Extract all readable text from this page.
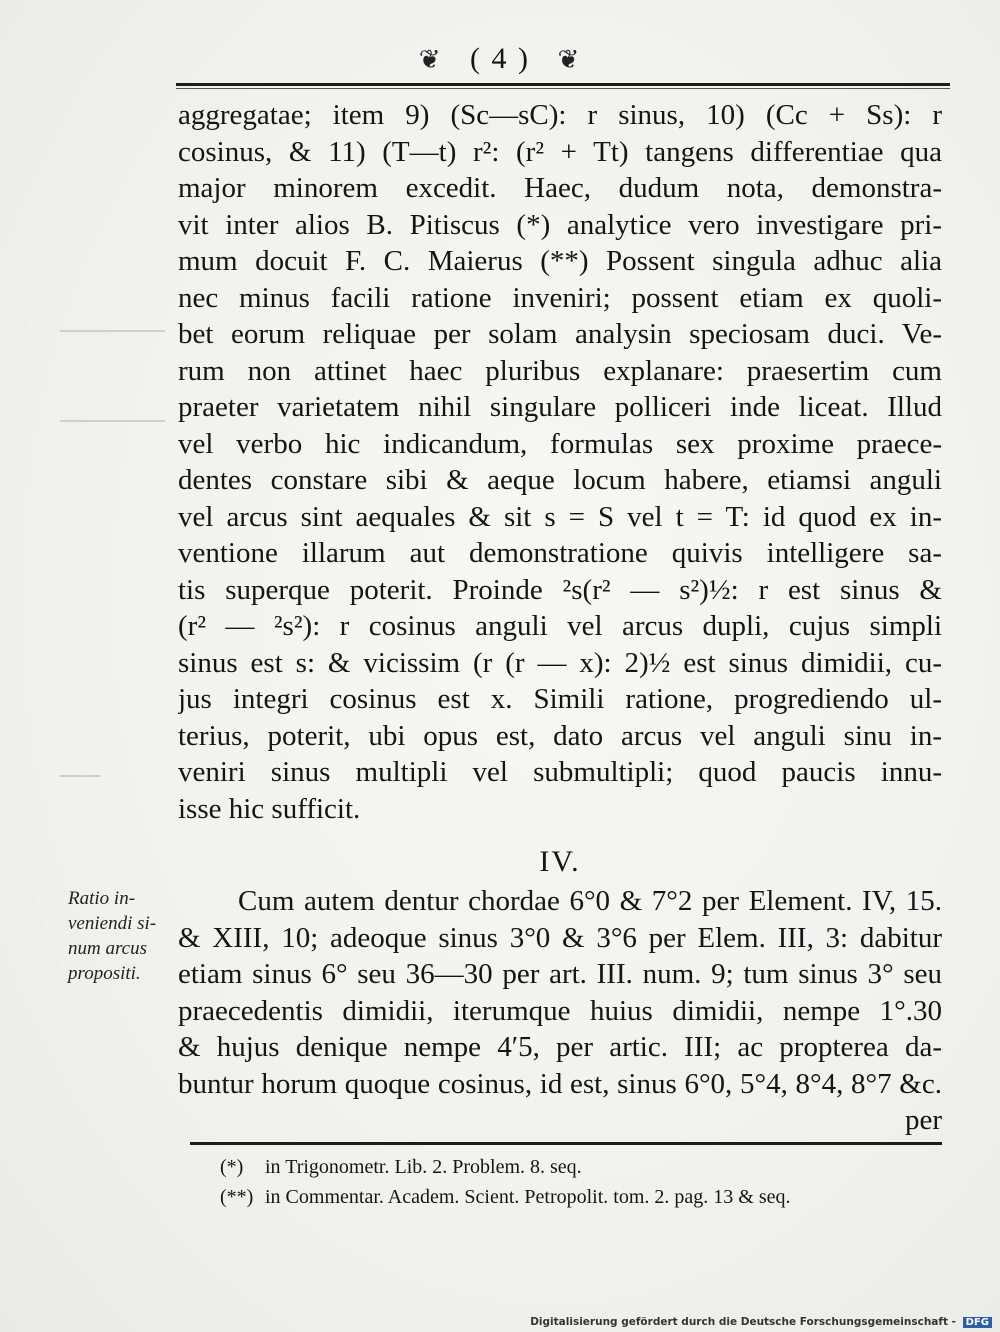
❦ ( 4 ) ❦
aggregatae; item 9) (Sc—sC): r sinus, 10) (Cc + Ss): r
cosinus, & 11) (T—t) r²: (r² + Tt) tangens differentiae qua
major minorem excedit. Haec, dudum nota, demonstra-
vit inter alios B. Pitiscus (*) analytice vero investigare pri-
mum docuit F. C. Maierus (**) Possent singula adhuc alia
nec minus facili ratione inveniri; possent etiam ex quoli-
bet eorum reliquae per solam analysin speciosam duci. Ve-
rum non attinet haec pluribus explanare: praesertim cum
praeter varietatem nihil singulare polliceri inde liceat. Illud
vel verbo hic indicandum, formulas sex proxime praece-
dentes constare sibi & aeque locum habere, etiamsi anguli
vel arcus sint aequales & sit s = S vel t = T: id quod ex in-
ventione illarum aut demonstratione quivis intelligere sa-
tis superque poterit. Proinde ²s(r² — s²)½: r est sinus &
(r² — ²s²): r cosinus anguli vel arcus dupli, cujus simpli
sinus est s: & vicissim (r (r — x): 2)½ est sinus dimidii, cu-
jus integri cosinus est x. Simili ratione, progrediendo ul-
terius, poterit, ubi opus est, dato arcus vel anguli sinu in-
veniri sinus multipli vel submultipli; quod paucis innu-
isse hic sufficit.
IV.
Cum autem dentur chordae 6°0 & 7°2 per Element. IV, 15.
& XIII, 10; adeoque sinus 3°0 & 3°6 per Elem. III, 3: dabitur
etiam sinus 6° seu 36—30 per art. III. num. 9; tum sinus 3° seu
praecedentis dimidii, iterumque huius dimidii, nempe 1°.30
& hujus denique nempe 4′5, per artic. III; ac propterea da-
buntur horum quoque cosinus, id est, sinus 6°0, 5°4, 8°4, 8°7 &c.
per
Ratio in-
veniendi si-
num arcus
propositi.
(*) in Trigonometr. Lib. 2. Problem. 8. seq.
(**) in Commentar. Academ. Scient. Petropolit. tom. 2. pag. 13 & seq.
Digitalisierung gefördert durch die Deutsche Forschungsgemeinschaft - DFG
